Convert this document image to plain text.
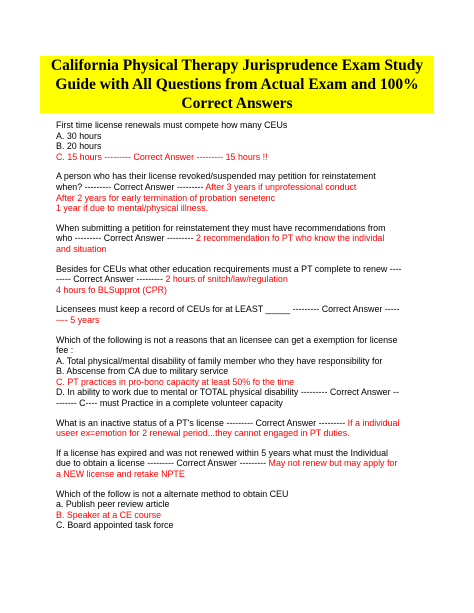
California Physical Therapy Jurisprudence Exam Study
Guide with All Questions from Actual Exam and 100%
Correct Answers
First time license renewals must compete how many CEUs
A. 30 hours
B. 20 hours
C. 15 hours --------- Correct Answer --------- 15 hours !!
A person who has their license revoked/suspended may petition for reinstatement
when? --------- Correct Answer --------- After 3 years if unprofessional conduct
After 2 years for early termination of probation senetenc
1 year if due to mental/physical illness.
When submitting a petition for reinstatement they must have recommendations from
who --------- Correct Answer --------- 2 recommendation fo PT who know the individal
and situation
Besides for CEUs what other education recquirements must a PT complete to renew ----
----- Correct Answer --------- 2 hours of snitch/law/regulation
4 hours fo BLSupprot (CPR)
Licensees must keep a record of CEUs for at LEAST _____ --------- Correct Answer -----
---- 5 years
Which of the following is not a reasons that an licensee can get a exemption for license
fee :
A. Total physical/mental disability of family member who they have responsibility for
B. Abscense from CA due to military service
C. PT practices in pro-bono capacity at least 50% fo the time
D. In ability to work due to mental or TOTAL physical disability --------- Correct Answer --
------- C---- must Practice in a complete volunteer capacity
What is an inactive status of a PT's license --------- Correct Answer --------- If a individual
useer ex=emotion for 2 renewal period...they cannot engaged in PT duties.
If a license has expired and was not renewed within 5 years what must the Individual
due to obtain a license --------- Correct Answer --------- May not renew but may apply for
a NEW license and retake NPTE
Which of the follow is not a alternate method to obtain CEU
a. Publish peer review article
B. Speaker at a CE course
C. Board appointed task force
